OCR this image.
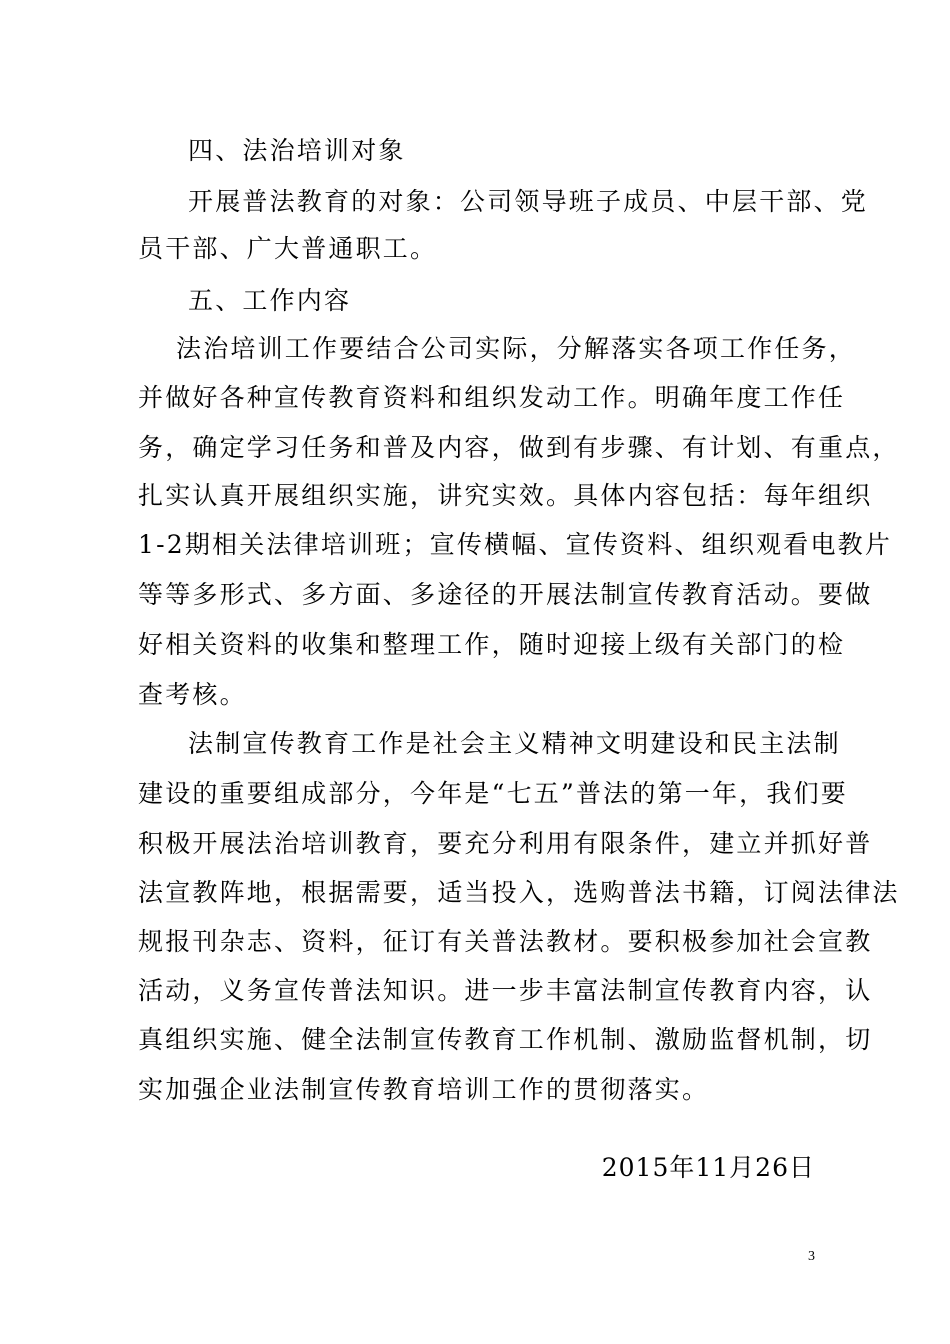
四、法治培训对象
开展普法教育的对象：公司领导班子成员、中层干部、党
员干部、广大普通职工。
五、工作内容
法治培训工作要结合公司实际，分解落实各项工作任务，
并做好各种宣传教育资料和组织发动工作。明确年度工作任
务，确定学习任务和普及内容，做到有步骤、有计划、有重点，
扎实认真开展组织实施，讲究实效。具体内容包括：每年组织
1-2期相关法律培训班；宣传横幅、宣传资料、组织观看电教片
等等多形式、多方面、多途径的开展法制宣传教育活动。要做
好相关资料的收集和整理工作，随时迎接上级有关部门的检
查考核。
法制宣传教育工作是社会主义精神文明建设和民主法制
建设的重要组成部分，今年是“七五”普法的第一年，我们要
积极开展法治培训教育，要充分利用有限条件，建立并抓好普
法宣教阵地，根据需要，适当投入，选购普法书籍，订阅法律法
规报刊杂志、资料，征订有关普法教材。要积极参加社会宣教
活动，义务宣传普法知识。进一步丰富法制宣传教育内容，认
真组织实施、健全法制宣传教育工作机制、激励监督机制，切
实加强企业法制宣传教育培训工作的贯彻落实。
2015年11月26日
3
